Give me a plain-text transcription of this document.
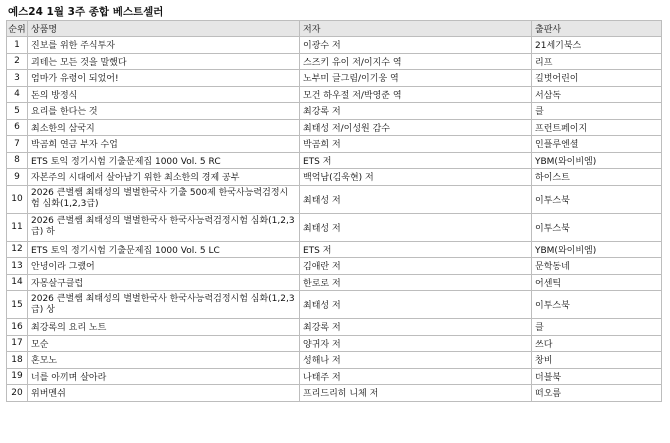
예스24 1월 3주 종합 베스트셀러
순위	상품명	저자	출판사
1	진보를 위한 주식투자	이광수 저	21세기북스
2	괴테는 모든 것을 말했다	스즈키 유이 저/이지수 역	리프
3	엄마가 유령이 되었어!	노부미 글그림/이기웅 역	길벗어린이
4	돈의 방정식	모건 하우절 저/박영준 역	서삼독
5	요리를 한다는 것	최강록 저	클
6	최소한의 삼국지	최태성 저/이성원 감수	프런트페이지
7	박곰희 연금 부자 수업	박곰희 저	인플루엔셜
8	ETS 토익 정기시험 기출문제집 1000 Vol. 5 RC	ETS 저	YBM(와이비엠)
9	자본주의 시대에서 살아남기 위한 최소한의 경제 공부	백억남(김욱현) 저	하이스트
10	2026 큰별쌤 최태성의 별별한국사 기출 500제 한국사능력검정시험 심화(1,2,3급)	최태성 저	이투스북
11	2026 큰별쌤 최태성의 별별한국사 한국사능력검정시험 심화(1,2,3급) 하	최태성 저	이투스북
12	ETS 토익 정기시험 기출문제집 1000 Vol. 5 LC	ETS 저	YBM(와이비엠)
13	안녕이라 그랬어	김애란 저	문학동네
14	자몽살구클럽	한로로 저	어센틱
15	2026 큰별쌤 최태성의 별별한국사 한국사능력검정시험 심화(1,2,3급) 상	최태성 저	이투스북
16	최강록의 요리 노트	최강록 저	클
17	모순	양귀자 저	쓰다
18	혼모노	성해나 저	창비
19	너를 아끼며 살아라	나태주 저	더블북
20	위버멘쉬	프리드리히 니체 저	떠오름
